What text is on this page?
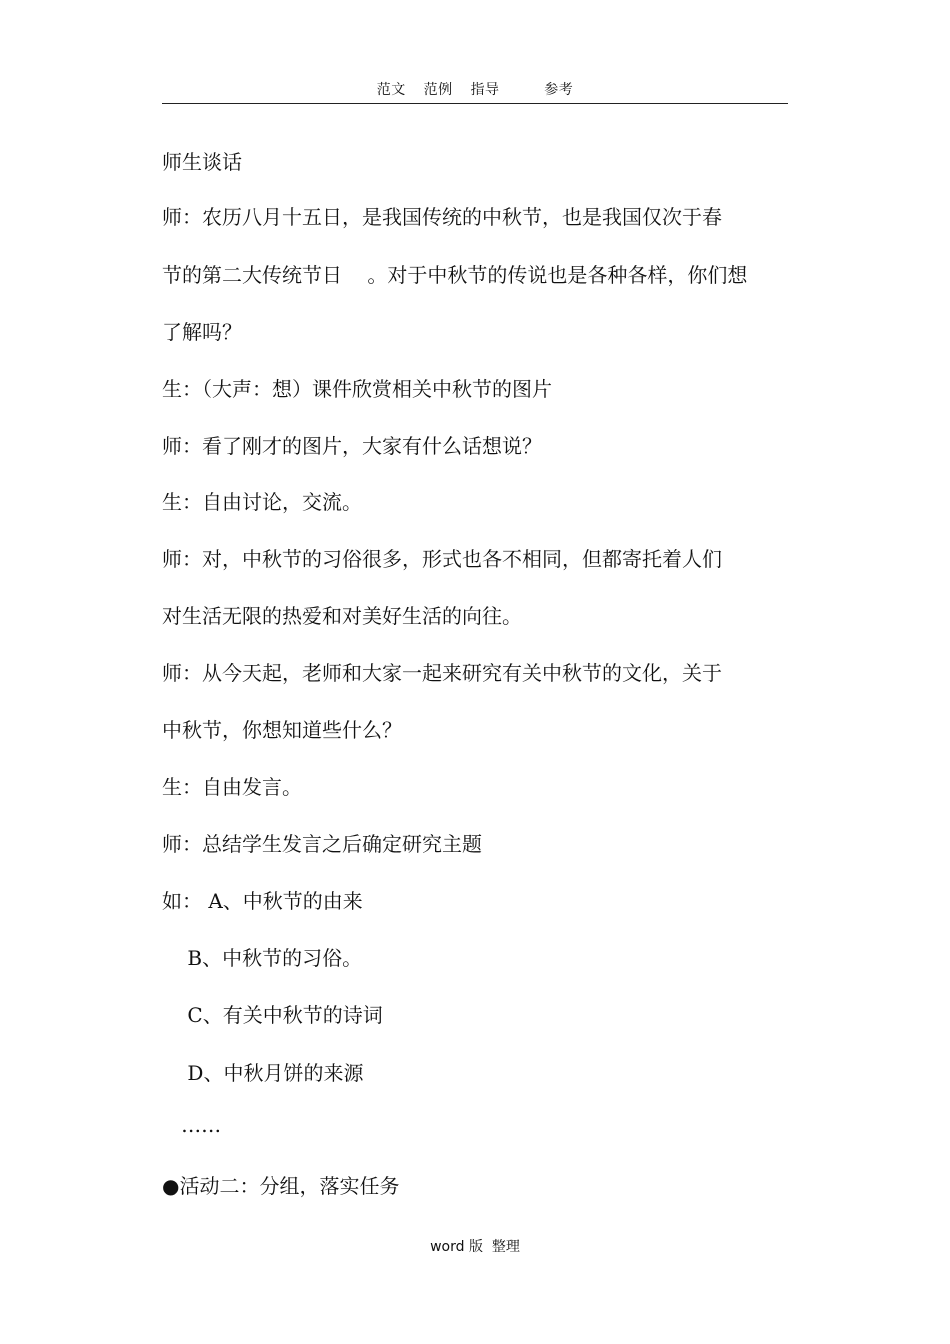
范文  范例  指导     参考
师生谈话
师：农历八月十五日，是我国传统的中秋节，也是我国仅次于春
节的第二大传统节日    。对于中秋节的传说也是各种各样，你们想
了解吗？
生：（大声：想）课件欣赏相关中秋节的图片
师：看了刚才的图片，大家有什么话想说？
生：自由讨论，交流。
师：对，中秋节的习俗很多，形式也各不相同，但都寄托着人们
对生活无限的热爱和对美好生活的向往。
师：从今天起，老师和大家一起来研究有关中秋节的文化，关于
中秋节，你想知道些什么？
生：自由发言。
师：总结学生发言之后确定研究主题
如： A、中秋节的由来
B、中秋节的习俗。
C、有关中秋节的诗词
D、中秋月饼的来源
……
●活动二：分组，落实任务
word 版  整理
